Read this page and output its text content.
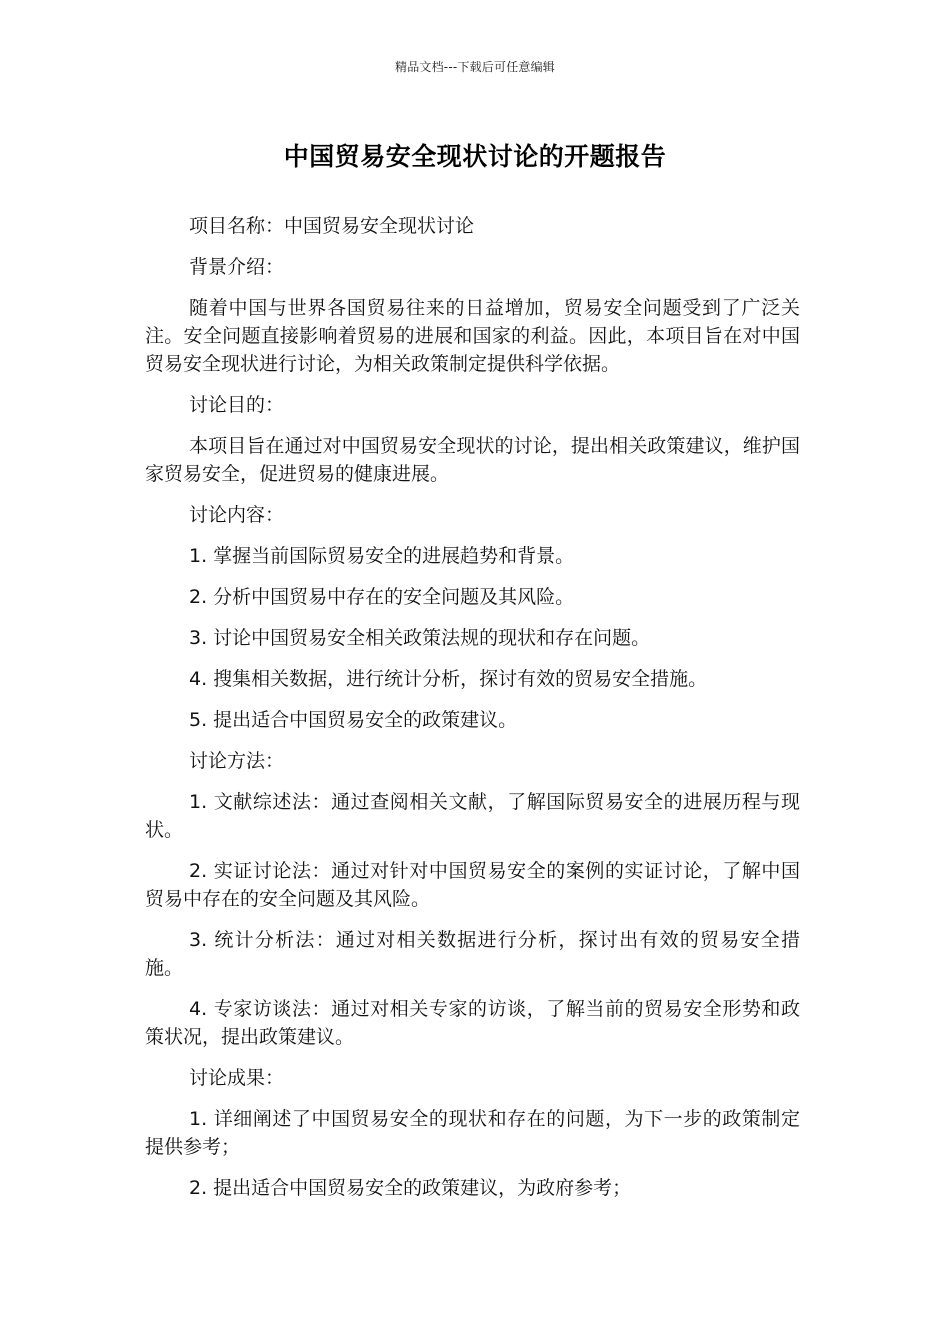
精品文档---下载后可任意编辑
中国贸易安全现状讨论的开题报告

项目名称：中国贸易安全现状讨论

背景介绍：

随着中国与世界各国贸易往来的日益增加，贸易安全问题受到了广泛关注。安全问题直接影响着贸易的进展和国家的利益。因此，本项目旨在对中国贸易安全现状进行讨论，为相关政策制定提供科学依据。

讨论目的：

本项目旨在通过对中国贸易安全现状的讨论，提出相关政策建议，维护国家贸易安全，促进贸易的健康进展。

讨论内容：

1. 掌握当前国际贸易安全的进展趋势和背景。

2. 分析中国贸易中存在的安全问题及其风险。

3. 讨论中国贸易安全相关政策法规的现状和存在问题。

4. 搜集相关数据，进行统计分析，探讨有效的贸易安全措施。

5. 提出适合中国贸易安全的政策建议。

讨论方法：

1. 文献综述法：通过查阅相关文献，了解国际贸易安全的进展历程与现状。

2. 实证讨论法：通过对针对中国贸易安全的案例的实证讨论，了解中国贸易中存在的安全问题及其风险。

3. 统计分析法：通过对相关数据进行分析，探讨出有效的贸易安全措施。

4. 专家访谈法：通过对相关专家的访谈，了解当前的贸易安全形势和政策状况，提出政策建议。

讨论成果：

1. 详细阐述了中国贸易安全的现状和存在的问题，为下一步的政策制定提供参考；

2. 提出适合中国贸易安全的政策建议，为政府参考；
